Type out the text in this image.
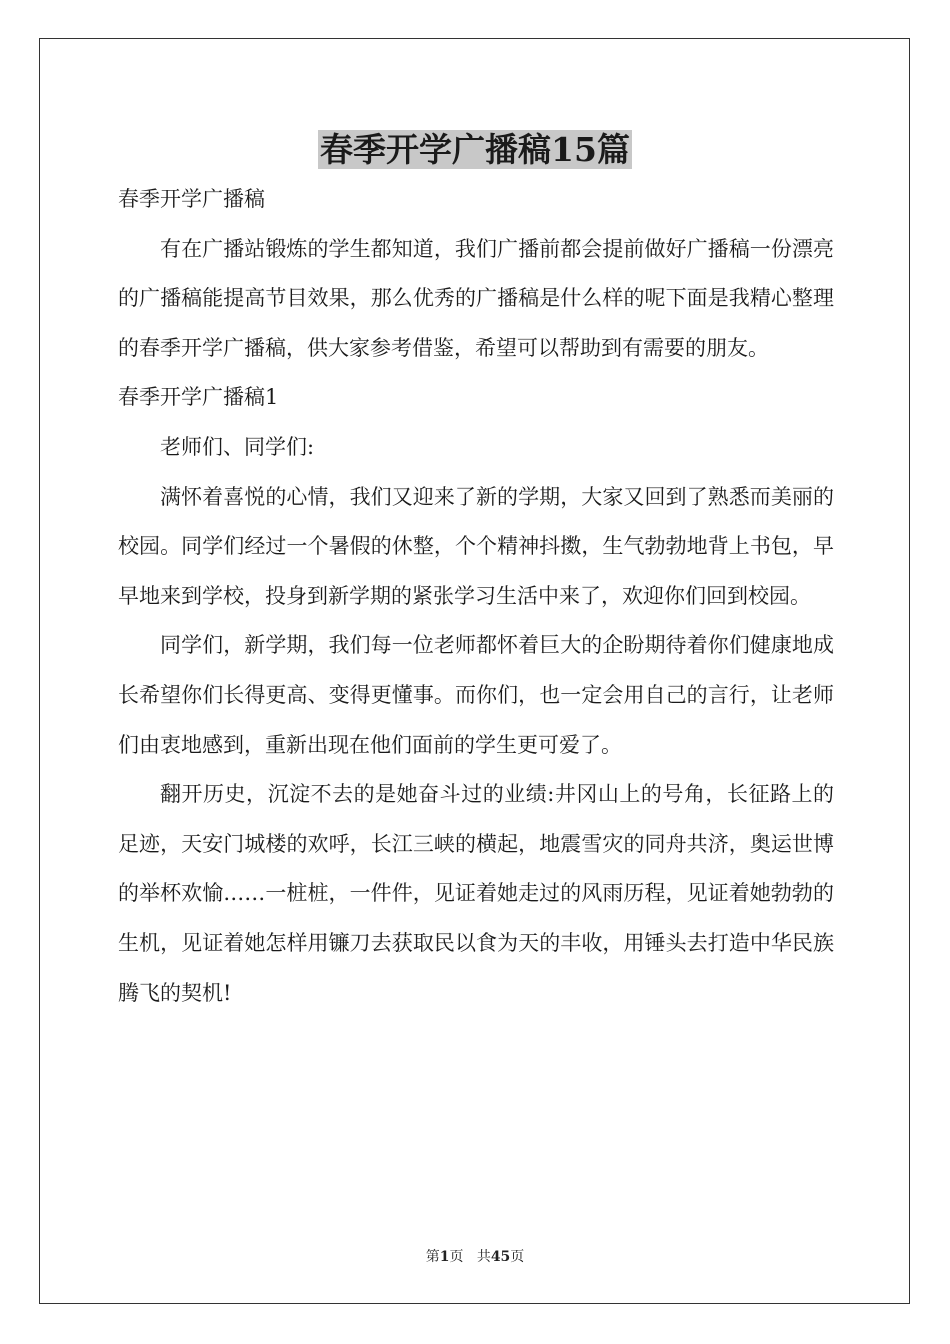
春季开学广播稿15篇

春季开学广播稿

有在广播站锻炼的学生都知道，我们广播前都会提前做好广播稿一份漂亮的广播稿能提高节目效果，那么优秀的广播稿是什么样的呢下面是我精心整理的春季开学广播稿，供大家参考借鉴，希望可以帮助到有需要的朋友。

春季开学广播稿1

老师们、同学们:

满怀着喜悦的心情，我们又迎来了新的学期，大家又回到了熟悉而美丽的校园。同学们经过一个暑假的休整，个个精神抖擞，生气勃勃地背上书包，早早地来到学校，投身到新学期的紧张学习生活中来了，欢迎你们回到校园。

同学们，新学期，我们每一位老师都怀着巨大的企盼期待着你们健康地成长希望你们长得更高、变得更懂事。而你们，也一定会用自己的言行，让老师们由衷地感到，重新出现在他们面前的学生更可爱了。

翻开历史，沉淀不去的是她奋斗过的业绩:井冈山上的号角，长征路上的足迹，天安门城楼的欢呼，长江三峡的横起，地震雪灾的同舟共济，奥运世博的举杯欢愉……一桩桩，一件件，见证着她走过的风雨历程，见证着她勃勃的生机，见证着她怎样用镰刀去获取民以食为天的丰收，用锤头去打造中华民族腾飞的契机!

第1页 共45页
